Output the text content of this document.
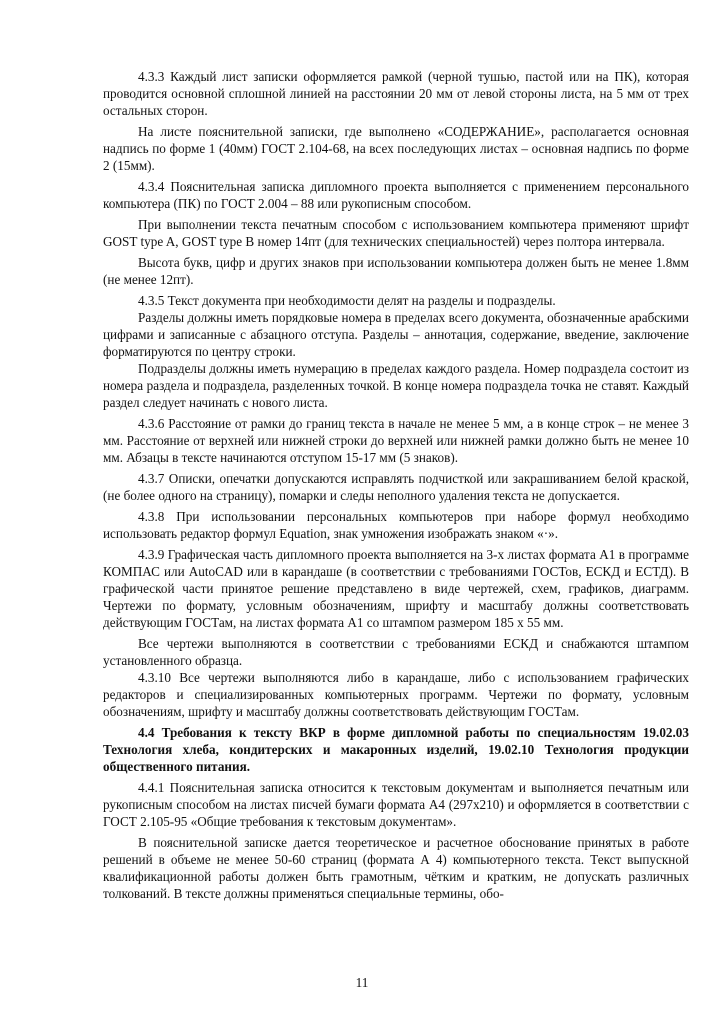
4.3.3 Каждый лист записки оформляется рамкой (черной тушью, пастой или на ПК), которая проводится основной сплошной линией на расстоянии 20 мм от левой стороны листа, на 5 мм от трех остальных сторон.

На листе пояснительной записки, где выполнено «СОДЕРЖАНИЕ», располагается основная надпись по форме 1 (40мм) ГОСТ 2.104-68, на всех последующих листах – основная надпись по форме 2 (15мм).

4.3.4 Пояснительная записка дипломного проекта выполняется с применением персонального компьютера (ПК) по ГОСТ 2.004 – 88 или рукописным способом.

При выполнении текста печатным способом с использованием компьютера применяют шрифт GOST type A, GOST type B номер 14пт (для технических специальностей) через полтора интервала.

Высота букв, цифр и других знаков при использовании компьютера должен быть не менее 1.8мм (не менее 12пт).

4.3.5 Текст документа при необходимости делят на разделы и подразделы.

Разделы должны иметь порядковые номера в пределах всего документа, обозначенные арабскими цифрами и записанные с абзацного отступа. Разделы – аннотация, содержание, введение, заключение форматируются по центру строки.

Подразделы должны иметь нумерацию в пределах каждого раздела. Номер подраздела состоит из номера раздела и подраздела, разделенных точкой. В конце номера подраздела точка не ставят. Каждый раздел следует начинать с нового листа.

4.3.6 Расстояние от рамки до границ текста в начале не менее 5 мм, а в конце строк – не менее 3 мм. Расстояние от верхней или нижней строки до верхней или нижней рамки должно быть не менее 10 мм. Абзацы в тексте начинаются отступом 15-17 мм (5 знаков).

4.3.7 Описки, опечатки допускаются исправлять подчисткой или закрашиванием белой краской, (не более одного на страницу), помарки и следы неполного удаления текста не допускается.

4.3.8 При использовании персональных компьютеров при наборе формул необходимо использовать редактор формул Equation, знак умножения изображать знаком «·».

4.3.9 Графическая часть дипломного проекта выполняется на 3-х листах формата А1 в программе КОМПАС или AutoCAD или в карандаше (в соответствии с требованиями ГОСТов, ЕСКД и ЕСТД). В графической части принятое решение представлено в виде чертежей, схем, графиков, диаграмм. Чертежи по формату, условным обозначениям, шрифту и масштабу должны соответствовать действующим ГОСТам, на листах формата А1 со штампом размером 185 х 55 мм.

Все чертежи выполняются в соответствии с требованиями ЕСКД и снабжаются штампом установленного образца.

4.3.10 Все чертежи выполняются либо в карандаше, либо с использованием графических редакторов и специализированных компьютерных программ. Чертежи по формату, условным обозначениям, шрифту и масштабу должны соответствовать действующим ГОСТам.

4.4 Требования к тексту ВКР в форме дипломной работы по специальностям 19.02.03 Технология хлеба, кондитерских и макаронных изделий, 19.02.10 Технология продукции общественного питания.

4.4.1 Пояснительная записка относится к текстовым документам и выполняется печатным или рукописным способом на листах писчей бумаги формата А4 (297х210) и оформляется в соответствии с ГОСТ 2.105-95 «Общие требования к текстовым документам».

В пояснительной записке дается теоретическое и расчетное обоснование принятых в работе решений в объеме не менее 50-60 страниц (формата А 4) компьютерного текста. Текст выпускной квалификационной работы должен быть грамотным, чётким и кратким, не допускать различных толкований. В тексте должны применяться специальные термины, обо-

11
